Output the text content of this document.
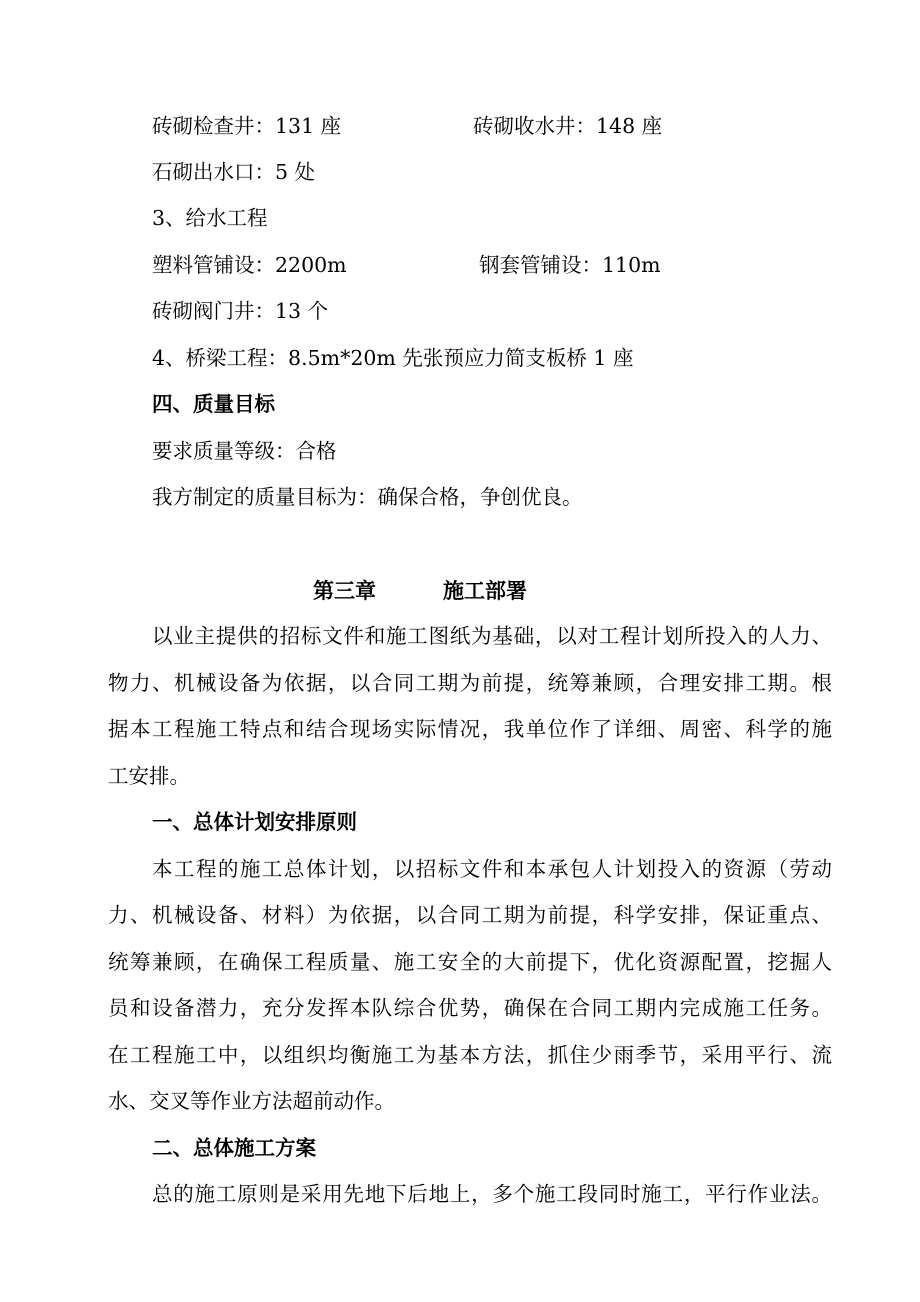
砖砌检查井：131 座	砖砌收水井：148 座
石砌出水口：5 处
3、给水工程
塑料管铺设：2200m	钢套管铺设：110m
砖砌阀门井：13 个
4、桥梁工程：8.5m*20m 先张预应力简支板桥 1 座
四、质量目标
要求质量等级：合格
我方制定的质量目标为：确保合格，争创优良。
第三章	施工部署
以业主提供的招标文件和施工图纸为基础，以对工程计划所投入的人力、
物力、机械设备为依据，以合同工期为前提，统筹兼顾，合理安排工期。根
据本工程施工特点和结合现场实际情况，我单位作了详细、周密、科学的施
工安排。
一、总体计划安排原则
本工程的施工总体计划，以招标文件和本承包人计划投入的资源（劳动
力、机械设备、材料）为依据，以合同工期为前提，科学安排，保证重点、
统筹兼顾，在确保工程质量、施工安全的大前提下，优化资源配置，挖掘人
员和设备潜力，充分发挥本队综合优势，确保在合同工期内完成施工任务。
在工程施工中，以组织均衡施工为基本方法，抓住少雨季节，采用平行、流
水、交叉等作业方法超前动作。
二、总体施工方案
总的施工原则是采用先地下后地上，多个施工段同时施工，平行作业法。
